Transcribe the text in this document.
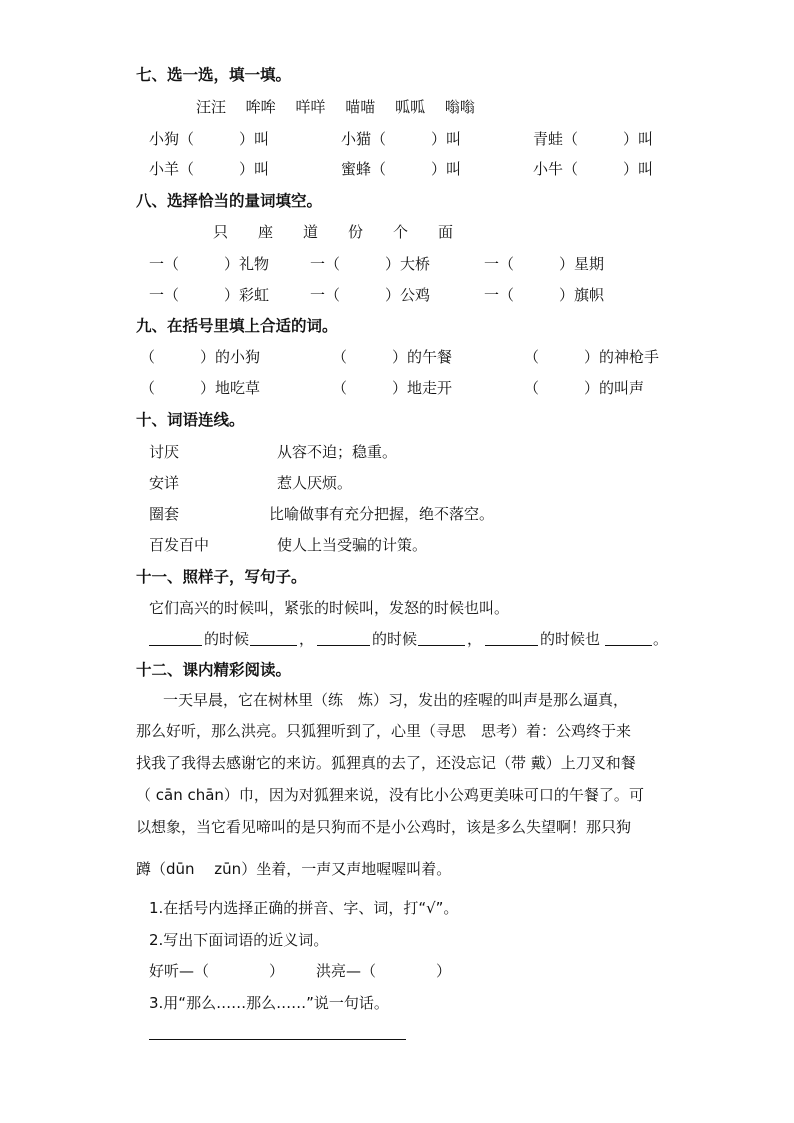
七、选一选，填一填。
汪汪　 哞哞　 咩咩　 喵喵　 呱呱　 嗡嗡
小狗（　　　）叫	小猫（　　　）叫	青蛙（　　　）叫
小羊（　　　）叫	蜜蜂（　　　）叫	小牛（　　　）叫
八、选择恰当的量词填空。
只　　座　　道　　份　　个　　面
一（　　　）礼物	一（　　　）大桥	一（　　　）星期
一（　　　）彩虹	一（　　　）公鸡	一（　　　）旗帜
九、在括号里填上合适的词。
（　　　）的小狗	（　　　）的午餐	（　　　）的神枪手
（　　　）地吃草	（　　　）地走开	（　　　）的叫声
十、词语连线。
讨厌	从容不迫；稳重。
安详	惹人厌烦。
圈套	比喻做事有充分把握，绝不落空。
百发百中	使人上当受骗的计策。
十一、照样子，写句子。
它们高兴的时候叫，紧张的时候叫，发怒的时候也叫。
的时候	，	的时候	，	的时候也	。
十二、课内精彩阅读。
一天早晨，它在树林里（练　炼）习，发出的痊喔的叫声是那么逼真，
那么好听，那么洪亮。只狐狸听到了，心里（寻思　思考）着：公鸡终于来
找我了我得去感谢它的来访。狐狸真的去了，还没忘记（带 戴）上刀叉和餐
（ cān chān）巾，因为对狐狸来说，没有比小公鸡更美味可口的午餐了。可
以想象，当它看见啼叫的是只狗而不是小公鸡时，该是多么失望啊！那只狗
蹲（dūn　 zūn）坐着，一声又声地喔喔叫着。
1.在括号内选择正确的拼音、字、词，打“√”。
2.写出下面词语的近义词。
好听—（　　　　） 洪亮—（　　　　）
3.用“那么……那么……”说一句话。
